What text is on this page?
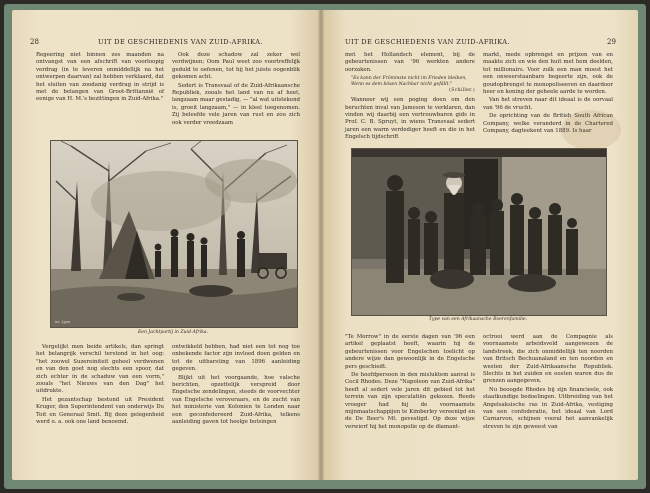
28	UIT DE GESCHIEDENIS VAN ZUID-AFRIKA.

Regeering niet binnen zes maanden na ontvangst van een afschrift van voorloopig verdrag (in te leveren onmiddellijk na het ontwerpen daarvan) zal hebben verklaard, dat het sluiten van zoodanig verdrag in strijd is met de belangen van Groot-Brittannië of eenige van H. M.'s bezittingen in Zuid-Afrika."

Ook deze schadow zal zeker wel verdwijnen; Oom Paul weet zoo voortreffelijk geduld te oefenen, tot hij het juiste oogenblik gekomen acht.

Sedert is Transvaal of de Zuid-Afrikaansche Republiek, zooals het land van nu af heet, langzaam maar gestadig, — "al wat uitstekend is, groeit langzaam," — in kleel toegenomen. Zij beleefde vele jaren van rust en zou zich ook verder vreedzaam

im. Lyon
Een Jachtpartij in Zuid-Afrika.

Vergelijkt men beide artikels, dan springt het belangrijk verschil terstond in het oog: "het zoowel Suzereiniteit geheel verdwenen en van den goet nog slechts een spoor, dat zich echter in de schaduw van een vorm," zooals "het Nieuws van den Dag" het uitdrukte.

Het gezantschap bestond uit President Kruger, den Superintendent van onderwijs Du Toit en Generaal Smit. Bij deze gelegenheid werd o. a. ook one land benoemd.

ontwikkeld hebben, had niet een tot nog toe onbekende factor zijn invloed doen gelden en tot de uitbarsting van 1896 aanleiding gegeven.

Blijkt uit het voorgaande, hoe valsche berichten, opzettelijk verspreid door Engelsche zendelingen, steeds de voorvechter van Engelsche veroveraars, en de zucht van het ministerie van Kolonien te Londen naar een geconfedereerd Zuid-Afrika, telkens aanleiding gaven tot heelge botsingen

UIT DE GESCHIEDENIS VAN ZUID-AFRIKA.	29

met het Hollandsch element, bij de gebeurtenissen van '96 werkten andere oorzaken.

"Es kann der Frömmste nicht im Frieden bleiben,
Wenn es dem bösen Nachbar nicht gefällt."
(Schiller.)

Wanneer wij een poging doen om den beruchten inval van Jameson te verklaren, dan vinden wij daarbij een vertrouwbaren gids in Prof. C. B. Spruyt, in wiens Transvaal sedert jaren een warm verdediger heeft en die in het Engelsch tijdschrift

markt, mede opbrengst en prijzen van en maakte zich en wie den huit met hem deelden, tot millionairs. Voor zulk een man moest het een onweerstaanbare begeerte zijn, ook de goudopbrengst te monopoliseeren en daardoor heer en koning der geheele aarde te worden.

Van het streven naar dit ideaal is de oorvaal van '96 de vrucht.

De oprichting van de British South African Company, welke veranderd in de Chartered Company, dagteekent van 1889. Is haar

Type van een Afrikaansche Boerenfamilie.

"Te Morrow" in de eerste dagen van '96 een artikel geplaatst heeft, waarin hij de gebeurtenissen voor Engelschen toelicht op andere wijze dan gewoonlijk in de Engelsche pers geschiedt.

De hoofdpersoon in den misluktem aanval is Cecil Rhodes. Deze "Napoleon van Zuid-Afrika" heeft al sedert vele jaren dit gebied tot het terrein van zijn speculatiën gekozen. Reeds vroeger had hij de voornaamste mijnmaatschappijen te Kimberley vereenigd en de De Beer's Mt. gevestigd. Op deze wijze verwierf hij het monopolie op de diamant-

octrooi werd aan de Compagnie als voornaamste arbeidsveld aangewezen de landstreek, die zich onmiddellijk ten noorden van Britsch Bechuanaland en ten noorden en westen der Zuid-Afrikaansche Republiek. Slechts in het zuiden en oosten waren dus de grenzen aangegeven.

Nu beoogde Rhodes bij zijn financieele, ook staatkundige bedoelingen. Uitbreiding van het Angelsaksische ras in Zuid-Afrika, vestiging van een confoderatie, het ideaal van Lord Carnarvon, schijnen vooral het aanvankelijk streven te zijn geweest van
